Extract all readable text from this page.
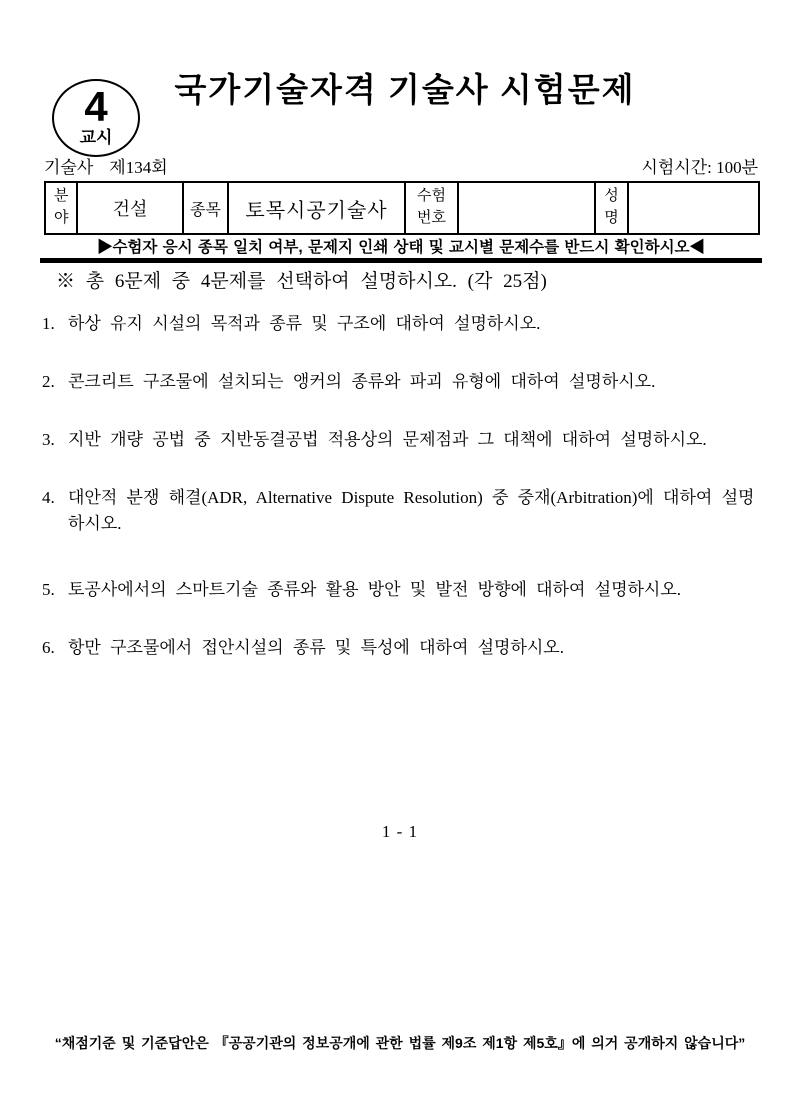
4
교시
국가기술자격 기술사 시험문제
기술사 제134회	시험시간: 100분
분야	건설	종목	토목시공기술사	수험번호		성명	
▶수험자 응시 종목 일치 여부, 문제지 인쇄 상태 및 교시별 문제수를 반드시 확인하시오◀
※ 총 6문제 중 4문제를 선택하여 설명하시오. (각 25점)
1. 하상 유지 시설의 목적과 종류 및 구조에 대하여 설명하시오.
2. 콘크리트 구조물에 설치되는 앵커의 종류와 파괴 유형에 대하여 설명하시오.
3. 지반 개량 공법 중 지반동결공법 적용상의 문제점과 그 대책에 대하여 설명하시오.
4. 대안적 분쟁 해결(ADR, Alternative Dispute Resolution) 중 중재(Arbitration)에 대하여 설명하시오.
5. 토공사에서의 스마트기술 종류와 활용 방안 및 발전 방향에 대하여 설명하시오.
6. 항만 구조물에서 접안시설의 종류 및 특성에 대하여 설명하시오.
1 - 1
“채점기준 및 기준답안은 『공공기관의 정보공개에 관한 법률 제9조 제1항 제5호』에 의거 공개하지 않습니다”
